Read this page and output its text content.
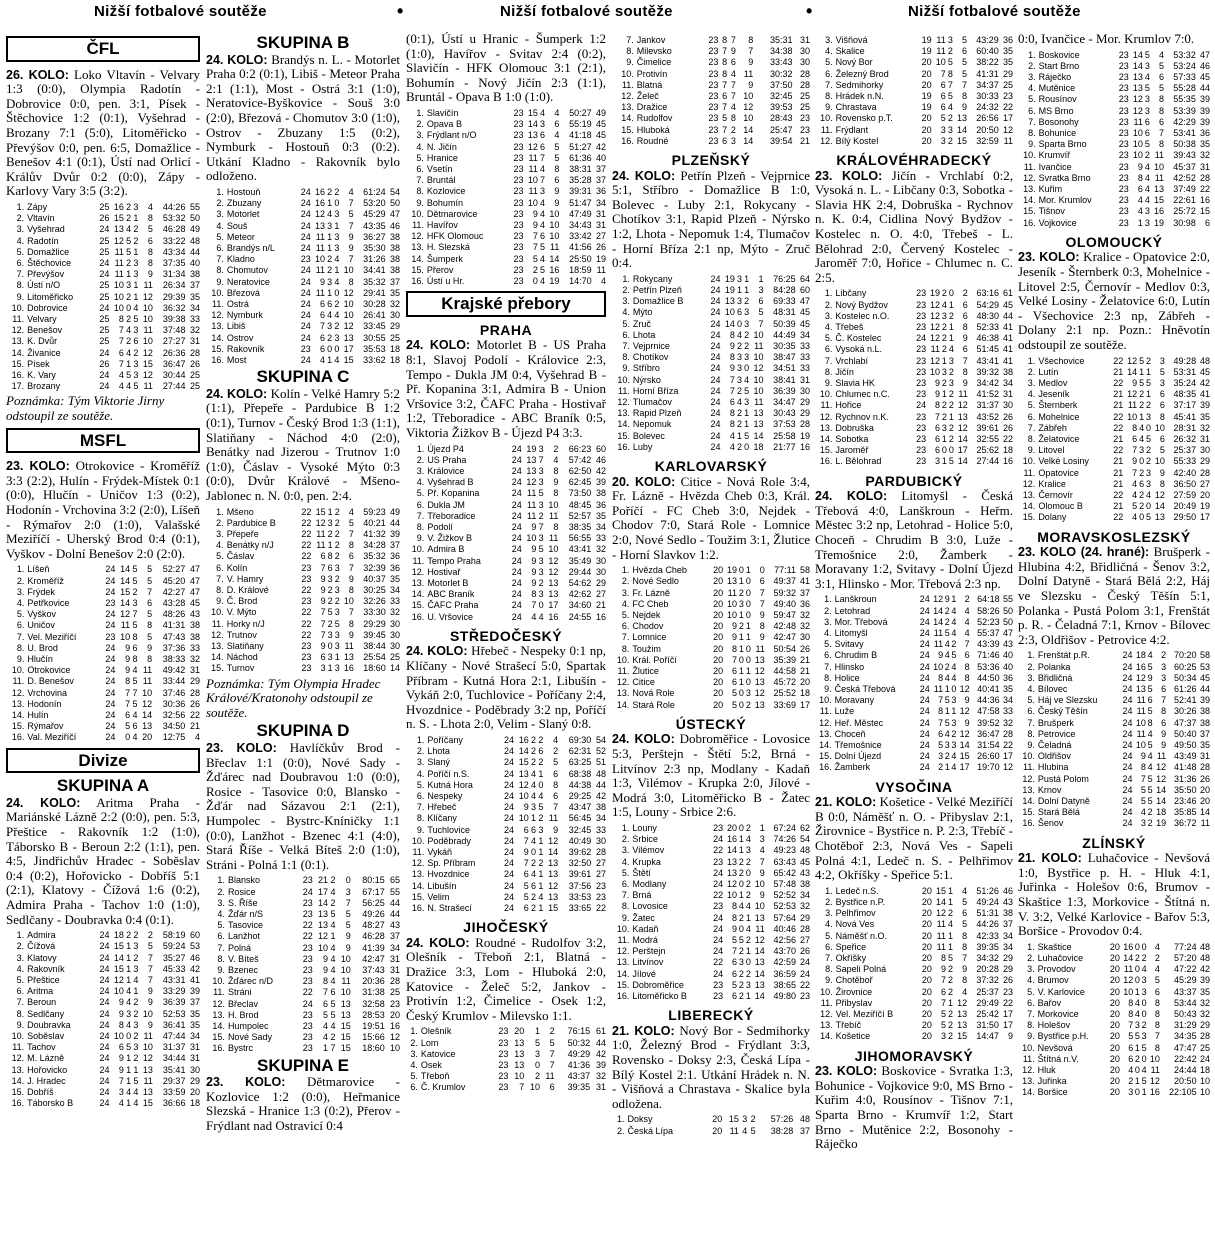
Nižší fotbalové soutěže	•	Nižší fotbalové soutěže	•	Nižší fotbalové soutěže
ČFL
26. KOLO: Loko Vltavín - Velvary 1:3 (0:0), Olympia Radotín - Dobrovice 0:0, pen. 3:1, Písek - Štěchovice 1:2 (0:1), Vyšehrad - Brozany 7:1 (5:0), Litoměřicko - Převýšov 0:0, pen. 6:5, Domažlice - Benešov 4:1 (0:1), Ústí nad Orlicí - Králův Dvůr 0:2 (0:0), Zápy - Karlovy Vary 3:5 (3:2).
1.	Zápy	25	16	2	3	4	44:26	55
2.	Vltavín	26	15	2	1	8	53:32	50
3.	Vyšehrad	24	13	4	2	5	46:28	49
4.	Radotín	25	12	5	2	6	33:22	48
5.	Domažlice	25	11	5	1	8	43:34	44
6.	Štěchovice	24	11	2	3	8	37:35	40
7.	Převýšov	24	11	1	3	9	31:34	38
8.	Ústí n/O	25	10	3	1	11	26:34	37
9.	Litoměřicko	25	10	2	1	12	29:39	35
10.	Dobrovice	24	10	0	4	10	36:32	34
11.	Velvary	25	8	2	5	10	39:38	33
12.	Benešov	25	7	4	3	11	37:48	32
13.	K. Dvůr	25	7	2	6	10	27:27	31
14.	Živanice	24	6	4	2	12	26:36	28
15.	Písek	26	7	1	3	15	36:47	26
16.	K. Vary	24	4	5	3	12	30:44	25
17.	Brozany	24	4	4	5	11	27:44	25
Poznámka: Tým Viktorie Jirny odstoupil ze soutěže.
MSFL
23. KOLO: Otrokovice - Kroměříž 3:3 (2:2), Hulín - Frýdek-Místek 0:1 (0:0), Hlučín - Uničov 1:3 (0:2), Hodonín - Vrchovina 3:2 (2:0), Líšeň - Rýmařov 2:0 (1:0), Valašské Meziříčí - Uherský Brod 0:4 (0:1), Vyškov - Dolní Benešov 2:0 (2:0).
1.	Líšeň	24	14	5	5	52:27	47
2.	Kroměříž	24	14	5	5	45:20	47
3.	Frýdek	24	15	2	7	42:27	47
4.	Petřkovice	23	14	3	6	43:28	45
5.	Vyškov	24	12	7	5	48:26	43
6.	Uničov	24	11	5	8	41:31	38
7.	Vel. Meziříčí	23	10	8	5	47:43	38
8.	U. Brod	24	9	6	9	37:36	33
9.	Hlučín	24	9	8	8	38:33	32
10.	Otrokovice	24	9	4	11	49:42	31
11.	D. Benešov	24	8	5	11	33:44	29
12.	Vrchovina	24	7	7	10	37:46	28
13.	Hodonín	24	7	5	12	30:36	26
14.	Hulín	24	6	4	14	32:56	22
15.	Rýmařov	24	5	6	13	34:50	21
16.	Val. Meziříčí	24	0	4	20	12:75	4
Divize
SKUPINA A
24. KOLO: Aritma Praha - Mariánské Lázně 2:2 (0:0), pen. 5:3, Přeštice - Rakovník 1:2 (1:0), Táborsko B - Beroun 2:2 (1:1), pen. 4:5, Jindřichův Hradec - Soběslav 0:4 (0:2), Hořovicko - Dobříš 5:1 (2:1), Klatovy - Čížová 1:6 (0:2), Admira Praha - Tachov 1:0 (1:0), Sedlčany - Doubravka 0:4 (0:1).
1.	Admira	24	18	2	2	2	58:19	60
2.	Čížová	24	15	1	3	5	59:24	53
3.	Klatovy	24	14	1	2	7	35:27	46
4.	Rakovník	24	15	1	3	7	45:33	42
5.	Přeštice	24	12	1	4	7	43:31	41
6.	Aritma	24	10	4	1	9	33:29	39
7.	Beroun	24	9	4	2	9	36:39	37
8.	Sedlčany	24	9	3	2	10	52:53	35
9.	Doubravka	24	8	4	3	9	36:41	35
10.	Soběslav	24	10	0	2	11	47:44	34
11.	Tachov	24	6	5	3	10	31:37	31
12.	M. Lázně	24	9	1	2	12	34:44	31
13.	Hořovicko	24	9	1	1	13	35:41	30
14.	J. Hradec	24	7	1	5	11	29:37	29
15.	Dobříš	24	3	4	4	13	33:59	20
16.	Táborsko B	24	4	1	4	15	36:66	18
SKUPINA B
24. KOLO: Brandýs n. L. - Motorlet Praha 0:2 (0:1), Libiš - Meteor Praha 2:1 (1:1), Most - Ostrá 3:1 (1:0), Neratovice-Byškovice - Souš 3:0 (2:0), Březová - Chomutov 3:0 (1:0), Ostrov - Zbuzany 1:5 (0:2), Nymburk - Hostouň 0:3 (0:2). Utkání Kladno - Rakovník bylo odloženo.
1.	Hostouň	24	16	2	2	4	61:24	54
2.	Zbuzany	24	16	1	0	7	53:20	50
3.	Motorlet	24	12	4	3	5	45:29	47
4.	Souš	24	13	3	1	7	43:35	46
5.	Meteor	24	11	1	3	9	36:27	38
6.	Brandýs n/L	24	11	1	3	9	35:30	38
7.	Kladno	23	10	2	4	7	31:26	38
8.	Chomutov	24	11	2	1	10	34:41	38
9.	Neratovice	24	9	3	4	8	35:32	37
10.	Březová	24	11	1	0	12	29:41	35
11.	Ostrá	24	6	6	2	10	30:28	32
12.	Nymburk	24	6	4	4	10	26:41	30
13.	Libiš	24	7	3	2	12	33:45	29
14.	Ostrov	24	6	2	3	13	30:55	25
15.	Rakovník	23	6	0	0	17	35:53	18
16.	Most	24	4	1	4	15	33:62	18
SKUPINA C
24. KOLO: Kolín - Velké Hamry 5:2 (1:1), Přepeře - Pardubice B 1:2 (0:1), Turnov - Český Brod 1:3 (1:1), Slatiňany - Náchod 4:0 (2:0), Benátky nad Jizerou - Trutnov 1:0 (1:0), Čáslav - Vysoké Mýto 0:3 (0:0), Dvůr Králové - Mšeno-Jablonec n. N. 0:0, pen. 2:4.
1.	Mšeno	22	15	1	2	4	59:23	49
2.	Pardubice B	22	12	3	2	5	40:21	44
3.	Přepeře	22	11	2	2	7	41:32	39
4.	Benátky n/J	22	11	1	2	8	34:28	37
5.	Čáslav	22	6	8	2	6	35:32	36
6.	Kolín	23	7	6	3	7	32:39	36
7.	V. Hamry	23	9	3	2	9	40:37	35
8.	D. Králové	22	9	2	3	8	30:25	34
9.	Č. Brod	23	9	2	2	10	32:26	33
10.	V. Mýto	22	7	5	3	7	33:30	32
11.	Horky n/J	22	7	2	5	8	29:29	30
12.	Trutnov	22	7	3	3	9	39:45	30
13.	Slatiňany	23	9	0	3	11	38:44	30
14.	Náchod	23	6	3	1	13	25:54	25
15.	Turnov	23	3	1	3	16	18:60	14
Poznámka: Tým Olympia Hradec Králové/Kratonohy odstoupil ze soutěže.
SKUPINA D
23. KOLO: Havlíčkův Brod - Břeclav 1:1 (0:0), Nové Sady - Žďárec nad Doubravou 1:0 (0:0), Rosice - Tasovice 0:0, Blansko - Žďár nad Sázavou 2:1 (2:1), Humpolec - Bystrc-Kníničky 1:1 (0:0), Lanžhot - Bzenec 4:1 (4:0), Stará Říše - Velká Bíteš 2:0 (1:0), Stráni - Polná 1:1 (0:1).
1.	Blansko	23	21	2	0	80:15	65
2.	Rosice	24	17	4	3	67:17	55
3.	S. Říše	23	14	2	7	56:25	44
4.	Žďár n/S	23	13	5	5	49:26	44
5.	Tasovice	22	13	4	5	48:27	43
6.	Lanžhot	22	12	1	9	46:28	37
7.	Polná	23	10	4	9	41:39	34
8.	V. Bíteš	23	9	4	10	42:47	31
9.	Bzenec	23	9	4	10	37:43	31
10.	Žďárec n/D	23	8	4	11	20:36	28
11.	Stráni	22	7	6	10	31:38	25
12.	Břeclav	24	6	5	13	32:58	23
13.	H. Brod	23	5	5	13	28:53	20
14.	Humpolec	23	4	4	15	19:51	16
15.	Nové Sady	23	4	2	15	15:66	12
16.	Bystrc	23	1	7	15	18:60	10
SKUPINA E
23. KOLO: Dětmarovice - Kozlovice 1:2 (0:0), Heřmanice Slezská - Hranice 1:3 (0:2), Přerov - Frýdlant nad Ostravicí 0:4
(0:1), Ústí u Hranic - Šumperk 1:2 (1:0), Havířov - Svitav 2:4 (0:2), Slavičín - HFK Olomouc 3:1 (2:1), Bohumín - Nový Jičín 2:3 (1:1), Bruntál - Opava B 1:0 (1:0).
1.	Slavičín	23	15	4	4	50:27	49
2.	Opava B	23	14	3	6	55:19	45
3.	Frýdlant n/O	23	13	6	4	41:18	45
4.	N. Jičín	23	12	6	5	51:27	42
5.	Hranice	23	11	7	5	61:36	40
6.	Vsetín	23	11	4	8	38:31	37
7.	Bruntál	23	10	7	6	35:28	37
8.	Kozlovice	23	11	3	9	39:31	36
9.	Bohumín	23	10	4	9	51:47	34
10.	Dětmarovice	23	9	4	10	47:49	31
11.	Havířov	23	9	4	10	34:43	31
12.	HFK Olomouc	23	7	6	10	33:42	27
13.	H. Slezská	23	7	5	11	41:56	26
14.	Šumperk	23	5	4	14	25:50	19
15.	Přerov	23	2	5	16	18:59	11
16.	Ústí u Hr.	23	0	4	19	14:70	4
Krajské přebory
PRAHA
24. KOLO: Motorlet B - US Praha 8:1, Slavoj Podolí - Královice 2:3, Tempo - Dukla JM 0:4, Vyšehrad B - Př. Kopanina 3:1, Admira B - Union Vršovice 3:2, ČAFC Praha - Hostivař 1:2, Třeboradice - ABC Braník 0:5, Viktoria Žižkov B - Újezd P4 3:3.
1.	Újezd P4	24	19	3	2	66:23	60
2.	US Praha	24	13	7	4	57:42	46
3.	Královice	24	13	3	8	62:50	42
4.	Vyšehrad B	24	12	3	9	62:45	39
5.	Př. Kopanina	24	11	5	8	73:50	38
6.	Dukla JM	24	11	3	10	48:45	36
7.	Třeboradice	24	11	2	11	52:57	35
8.	Podolí	24	9	7	8	38:35	34
9.	V. Žižkov B	24	10	3	11	56:55	33
10.	Admira B	24	9	5	10	43:41	32
11.	Tempo Praha	24	9	3	12	35:49	30
12.	Hostivař	24	9	3	12	29:44	30
13.	Motorlet B	24	9	2	13	54:62	29
14.	ABC Braník	24	8	3	13	42:62	27
15.	ČAFC Praha	24	7	0	17	34:60	21
16.	U. Vršovice	24	4	4	16	24:55	16
STŘEDOČESKÝ
24. KOLO: Hřebeč - Nespeky 0:1 np, Klíčany - Nové Strašecí 5:0, Spartak Příbram - Kutná Hora 2:1, Libušín - Vykáň 2:0, Tuchlovice - Poříčany 2:4, Hvozdnice - Poděbrady 3:2 np, Poříčí n. S. - Lhota 2:0, Velim - Slaný 0:8.
1.	Poříčany	24	16	2	2	4	69:30	54
2.	Lhota	24	14	2	6	2	62:31	52
3.	Slaný	24	15	2	2	5	63:25	51
4.	Poříčí n.S.	24	13	4	1	6	68:38	48
5.	Kutná Hora	24	12	4	0	8	44:38	44
6.	Nespeky	24	10	4	4	6	29:25	42
7.	Hřebeč	24	9	3	5	7	43:47	38
8.	Klíčany	24	10	1	2	11	56:45	34
9.	Tuchlovice	24	6	6	3	9	32:45	33
10.	Poděbrady	24	7	4	1	12	40:49	30
11.	Vykáň	24	9	0	1	14	39:62	28
12.	Sp. Příbram	24	7	2	2	13	32:50	27
13.	Hvozdnice	24	6	4	1	13	39:61	27
14.	Libušín	24	5	6	1	12	37:56	23
15.	Velim	24	5	2	4	13	33:53	23
16.	N. Strašecí	24	6	2	1	15	33:65	22
JIHOČESKÝ
24. KOLO: Roudné - Rudolfov 3:2, Olešník - Třeboň 2:1, Blatná - Dražice 3:3, Lom - Hluboká 2:0, Katovice - Želeč 5:2, Jankov - Protivín 1:2, Čimelice - Osek 1:2, Český Krumlov - Milevsko 1:1.
1.	Olešník	23	20	1	2	76:15	61
2.	Lom	23	13	5	5	50:32	44
3.	Katovice	23	13	3	7	49:29	42
4.	Osek	23	13	0	7	41:36	39
5.	Třeboň	23	10	2	11	43:37	32
6.	Č. Krumlov	23	7	10	6	39:35	31
7.	Jankov	23	8	7	8	35:31	31
8.	Milevsko	23	7	9	7	34:38	30
9.	Čimelice	23	8	6	9	33:43	30
10.	Protivín	23	8	4	11	30:32	28
11.	Blatná	23	7	7	9	37:50	28
12.	Želeč	23	6	7	10	32:45	25
13.	Dražice	23	7	4	12	39:53	25
14.	Rudolfov	23	5	8	10	28:43	23
15.	Hluboká	23	7	2	14	25:47	23
16.	Roudné	23	6	3	14	39:54	21
PLZEŇSKÝ
24. KOLO: Petřín Plzeň - Vejprnice 5:1, Stříbro - Domažlice B 1:0, Bolevec - Luby 2:1, Rokycany - Chotíkov 3:1, Rapid Plzeň - Nýrsko 1:2, Lhota - Nepomuk 1:4, Tlumačov - Horní Bříza 2:1 np, Mýto - Zruč 0:4.
1.	Rokycany	24	19	3	1	1	76:25	64
2.	Petřín Plzeň	24	19	1	1	3	84:28	60
3.	Domažlice B	24	13	3	2	6	69:33	47
4.	Mýto	24	10	6	3	5	48:31	45
5.	Zruč	24	14	0	3	7	50:39	45
6.	Lhota	24	8	4	2	10	44:49	34
7.	Vejprnice	24	9	2	2	11	30:35	33
8.	Chotíkov	24	8	3	3	10	38:47	33
9.	Stříbro	24	9	3	0	12	34:51	33
10.	Nýrsko	24	7	3	4	10	38:41	31
11.	Horní Bříza	24	7	2	5	10	36:39	30
12.	Tlumačov	24	6	4	3	11	34:47	29
13.	Rapid Plzeň	24	8	2	1	13	30:43	29
14.	Nepomuk	24	8	2	1	13	37:53	28
15.	Bolevec	24	4	1	5	14	25:58	19
16.	Luby	24	4	2	0	18	21:77	16
KARLOVARSKÝ
20. KOLO: Citice - Nová Role 3:4, Fr. Lázně - Hvězda Cheb 0:3, Král. Poříčí - FC Cheb 3:0, Nejdek - Chodov 7:0, Stará Role - Lomnice 2:0, Nové Sedlo - Toužim 3:1, Žlutice - Horní Slavkov 1:2.
1.	Hvězda Cheb	20	19	0	1	0	77:11	58
2.	Nové Sedlo	20	13	1	0	6	49:37	41
3.	Fr. Lázně	20	11	2	0	7	59:32	37
4.	FC Cheb	20	10	3	0	7	49:40	36
5.	Nejdek	20	10	1	0	9	59:47	32
6.	Chodov	20	9	2	1	8	42:48	32
7.	Lomnice	20	9	1	1	9	42:47	30
8.	Toužim	20	8	1	0	11	50:54	26
10.	Král. Poříčí	20	7	0	0	13	35:39	21
11.	Žlutice	20	6	1	1	12	44:58	21
12.	Citice	20	6	1	0	13	45:72	20
13.	Nová Role	20	5	0	3	12	25:52	18
14.	Stará Role	20	5	0	2	13	33:69	17
ÚSTECKÝ
24. KOLO: Dobroměřice - Lovosice 5:3, Perštejn - Štětí 5:2, Brná - Litvínov 2:3 np, Modlany - Kadaň 1:3, Vilémov - Krupka 2:0, Jílové - Modrá 3:0, Litoměřicko B - Žatec 1:5, Louny - Srbice 2:6.
1.	Louny	23	20	0	2	1	67:24	62
2.	Srbice	24	16	1	4	3	74:26	54
3.	Vilémov	22	14	1	3	4	49:23	48
4.	Krupka	23	13	2	2	7	63:43	45
5.	Štětí	24	13	2	0	9	65:42	43
6.	Modlany	24	12	0	2	10	57:48	38
7.	Brná	22	10	1	2	9	52:52	34
8.	Lovosice	23	8	4	4	10	52:53	32
9.	Žatec	24	8	2	1	13	57:64	29
10.	Kadaň	24	9	0	4	11	40:46	28
11.	Modrá	24	5	5	2	12	42:56	27
12.	Perštejn	24	7	2	1	14	43:70	26
13.	Litvínov	22	6	3	0	13	42:59	24
14.	Jílové	24	6	2	2	14	36:59	24
15.	Dobroměřice	23	5	2	3	13	38:65	22
16.	Litoměřicko B	23	6	2	1	14	49:80	23
LIBERECKÝ
21. KOLO: Nový Bor - Sedmihorky 1:0, Železný Brod - Frýdlant 3:3, Rovensko - Doksy 2:3, Česká Lípa - Bílý Kostel 2:1. Utkání Hrádek n. N. - Višňová a Chrastava - Skalice byla odložena.
1.	Doksy	20	15	3	2	57:26	48
2.	Česká Lípa	20	11	4	5	38:28	37
3.	Višňová	19	11	3	5	43:29	36
4.	Skalice	19	11	2	6	60:40	35
5.	Nový Bor	20	10	5	5	38:22	35
6.	Železný Brod	20	7	8	5	41:31	29
7.	Sedmihorky	20	6	7	7	34:37	25
8.	Hrádek n.N.	19	6	5	8	30:33	23
9.	Chrastava	19	6	4	9	24:32	22
10.	Rovensko p.T.	20	5	2	13	26:56	17
11.	Frýdlant	20	3	3	14	20:50	12
12.	Bílý Kostel	20	3	2	15	32:59	11
KRÁLOVÉHRADECKÝ
23. KOLO: Jičín - Vrchlabí 0:2, Vysoká n. L. - Libčany 0:3, Sobotka - Slavia HK 2:4, Dobruška - Rychnov n. K. 0:4, Cidlina Nový Bydžov - Kostelec n. O. 4:0, Třebeš - L. Bělohrad 2:0, Červený Kostelec - Jaroměř 7:0, Hořice - Chlumec n. C. 2:5.
1.	Libčany	23	19	2	0	2	63:16	61
2.	Nový Bydžov	23	12	4	1	6	54:29	45
3.	Kostelec n.O.	23	12	3	2	6	48:30	44
4.	Třebeš	23	12	2	1	8	52:33	41
5.	Č. Kostelec	24	12	2	1	9	46:38	41
6.	Vysoká n.L.	23	11	2	4	6	51:45	41
7.	Vrchlabí	23	12	1	3	7	43:41	41
8.	Jičín	23	10	3	2	8	39:32	38
9.	Slavia HK	23	9	2	3	9	34:42	34
10.	Chlumec n.C.	23	9	1	2	11	41:52	31
11.	Hořice	24	8	2	2	12	31:37	30
12.	Rychnov n.K.	23	7	2	1	13	43:52	26
13.	Dobruška	23	6	3	2	12	39:61	26
14.	Sobotka	23	6	1	2	14	32:55	22
15.	Jaroměř	23	6	0	0	17	25:62	18
16.	L. Bělohrad	23	3	1	5	14	27:44	16
PARDUBICKÝ
24. KOLO: Litomyšl - Česká Třebová 4:0, Lanškroun - Heřm. Městec 3:2 np, Letohrad - Holice 5:0, Choceň - Chrudim B 3:0, Luže - Třemošnice 2:0, Žamberk - Moravany 1:2, Svitavy - Dolní Újezd 3:1, Hlinsko - Mor. Třebová 2:3 np.
1.	Lanškroun	24	12	9	1	2	64:18	55
2.	Letohrad	24	14	2	4	4	58:26	50
3.	Mor. Třebová	24	14	2	4	4	52:23	50
4.	Litomyšl	24	11	5	4	4	55:37	47
5.	Svitavy	24	11	4	2	7	43:39	43
6.	Chrudim B	24	9	4	5	6	71:46	40
7.	Hlinsko	24	10	2	4	8	53:36	40
8.	Holice	24	8	4	4	8	44:50	36
9.	Česká Třebová	24	11	1	0	12	40:41	35
10.	Moravany	24	7	5	3	9	44:36	34
11.	Luže	24	8	1	1	12	47:58	33
12.	Heř. Městec	24	7	5	3	9	39:52	32
13.	Choceň	24	6	4	2	12	36:47	28
14.	Třemošnice	24	5	3	3	14	31:54	22
15.	Dolní Újezd	24	3	2	4	15	26:60	17
16.	Žamberk	24	2	1	4	17	19:70	12
VYSOČINA
21. KOLO: Košetice - Velké Meziříčí B 0:0, Náměšť n. O. - Přibyslav 2:1, Žirovnice - Bystřice n. P. 2:3, Třebíč - Chotěboř 2:3, Nová Ves - Sapeli Polná 4:1, Ledeč n. S. - Pelhřimov 4:2, Okříšky - Speřice 5:1.
1.	Ledeč n.S.	20	15	1	4	51:26	46
2.	Bystřice n.P.	20	14	1	5	49:24	43
3.	Pelhřimov	20	12	2	6	51:31	38
4.	Nová Ves	20	11	4	5	44:26	37
5.	Náměšť n.O.	20	11	1	8	42:33	34
6.	Speřice	20	11	1	8	39:35	34
7.	Okříšky	20	8	5	7	34:32	29
8.	Sapeli Polná	20	9	2	9	20:28	29
9.	Chotěboř	20	7	2	8	37:32	26
10.	Žirovnice	20	6	2	4	25:37	23
11.	Přibyslav	20	7	1	12	29:49	22
12.	Vel. Meziříčí B	20	5	2	13	25:42	17
13.	Třebíč	20	5	2	13	31:50	17
14.	Košetice	20	3	2	15	14:47	9
JIHOMORAVSKÝ
23. KOLO: Boskovice - Svratka 1:3, Bohunice - Vojkovice 9:0, MS Brno - Kuřim 4:0, Rousínov - Tišnov 7:1, Sparta Brno - Krumvíř 1:2, Start Brno - Mutěnice 2:2, Bosonohy - Ráječko
0:0, Ivančice - Mor. Krumlov 7:0.
1.	Boskovice	23	14	5	4	53:32	47
2.	Start Brno	23	14	3	5	53:24	46
3.	Ráječko	23	13	4	6	57:33	45
4.	Mutěnice	23	13	5	5	55:28	44
5.	Rousínov	23	12	3	8	55:35	39
6.	MS Brno	23	12	3	8	53:39	39
7.	Bosonohy	23	11	6	6	42:29	39
8.	Bohunice	23	10	6	7	53:41	36
9.	Sparta Brno	23	10	5	8	50:38	35
10.	Krumvíř	23	10	2	11	39:43	32
11.	Ivančice	23	9	4	10	45:37	31
12.	Svratka Brno	23	8	4	11	42:52	28
13.	Kuřim	23	6	4	13	37:49	22
14.	Mor. Krumlov	23	4	4	15	22:61	16
15.	Tišnov	23	4	3	16	25:72	15
16.	Vojkovice	23	1	3	19	30:98	6
OLOMOUCKÝ
23. KOLO: Kralice - Opatovice 2:0, Jeseník - Šternberk 0:3, Mohelnice - Litovel 2:5, Černovír - Medlov 0:3, Velké Losiny - Želatovice 6:0, Lutín - Všechovice 2:3 np, Zábřeh - Dolany 2:1 np. Pozn.: Hněvotín odstoupil ze soutěže.
1.	Všechovice	22	12	5	2	3	49:28	48
2.	Lutín	21	14	1	1	5	53:31	45
3.	Medlov	22	9	5	5	3	35:24	42
4.	Jeseník	21	12	2	1	6	48:35	41
5.	Šternberk	21	11	2	2	6	37:17	39
6.	Mohelnice	22	10	1	3	8	45:41	35
7.	Zábřeh	22	8	4	0	10	28:31	32
8.	Želatovice	21	6	4	5	6	26:32	31
9.	Litovel	22	7	3	2	5	25:37	30
10.	Velké Losiny	21	9	0	2	10	55:33	29
11.	Opatovice	21	7	2	3	9	42:40	28
12.	Kralice	21	4	6	3	8	36:50	27
13.	Černovír	22	4	2	4	12	27:59	20
14.	Olomouc B	21	5	2	0	14	20:49	19
15.	Dolany	22	4	0	5	13	29:50	17
MORAVSKOSLEZSKÝ
23. KOLO (24. hrané): Brušperk - Hlubina 4:2, Břidličná - Šenov 3:2, Dolní Datyně - Stará Bělá 2:2, Háj ve Slezsku - Český Těšín 5:1, Polanka - Pustá Polom 3:1, Frenštát p. R. - Čeladná 7:1, Krnov - Bílovec 2:3, Oldřišov - Petrovice 4:2.
1.	Frenštát p.R.	24	18	4	2	70:20	58
2.	Polanka	24	16	5	3	60:25	53
3.	Břidličná	24	12	9	3	50:34	45
4.	Bílovec	24	13	5	6	61:26	44
5.	Háj ve Slezsku	24	11	6	7	52:41	39
6.	Český Těšín	24	11	5	8	30:26	38
7.	Brušperk	24	10	8	6	47:37	38
8.	Petrovice	24	11	4	9	50:40	37
9.	Čeladná	24	10	5	9	49:50	35
10.	Oldřišov	24	9	4	11	43:49	31
11.	Hlubina	24	8	4	12	41:48	28
12.	Pustá Polom	24	7	5	12	31:36	26
13.	Krnov	24	5	5	14	35:50	20
14.	Dolní Datyně	24	5	5	14	23:46	20
15.	Stará Bělá	24	4	2	18	35:85	14
16.	Šenov	24	3	2	19	36:72	11
ZLÍNSKÝ
21. KOLO: Luhačovice - Nevšová 1:0, Bystřice p. H. - Hluk 4:1, Juřinka - Holešov 0:6, Brumov - Skaštice 1:3, Morkovice - Štítná n. V. 3:2, Velké Karlovice - Bařov 5:3, Boršice - Provodov 0:4.
1.	Skaštice	20	16	0	0	4	77:24	48
2.	Luhačovice	20	14	2	2	2	57:20	48
3.	Provodov	20	11	0	4	4	47:22	42
4.	Brumov	20	12	0	3	5	45:29	39
5.	V. Karlovice	20	10	1	3	6	43:37	35
6.	Bařov	20	8	4	0	8	53:44	32
7.	Morkovice	20	8	4	0	8	50:43	32
8.	Holešov	20	7	3	2	8	31:29	29
9.	Bystřice p.H.	20	5	5	3	7	34:35	28
10.	Nevšová	20	6	1	5	8	47:47	25
11.	Štítná n.V.	20	6	2	0	10	22:42	24
12.	Hluk	20	4	0	4	11	24:44	18
13.	Juřinka	20	2	1	5	12	20:50	10
14.	Boršice	20	3	0	1	16	22:105	10
